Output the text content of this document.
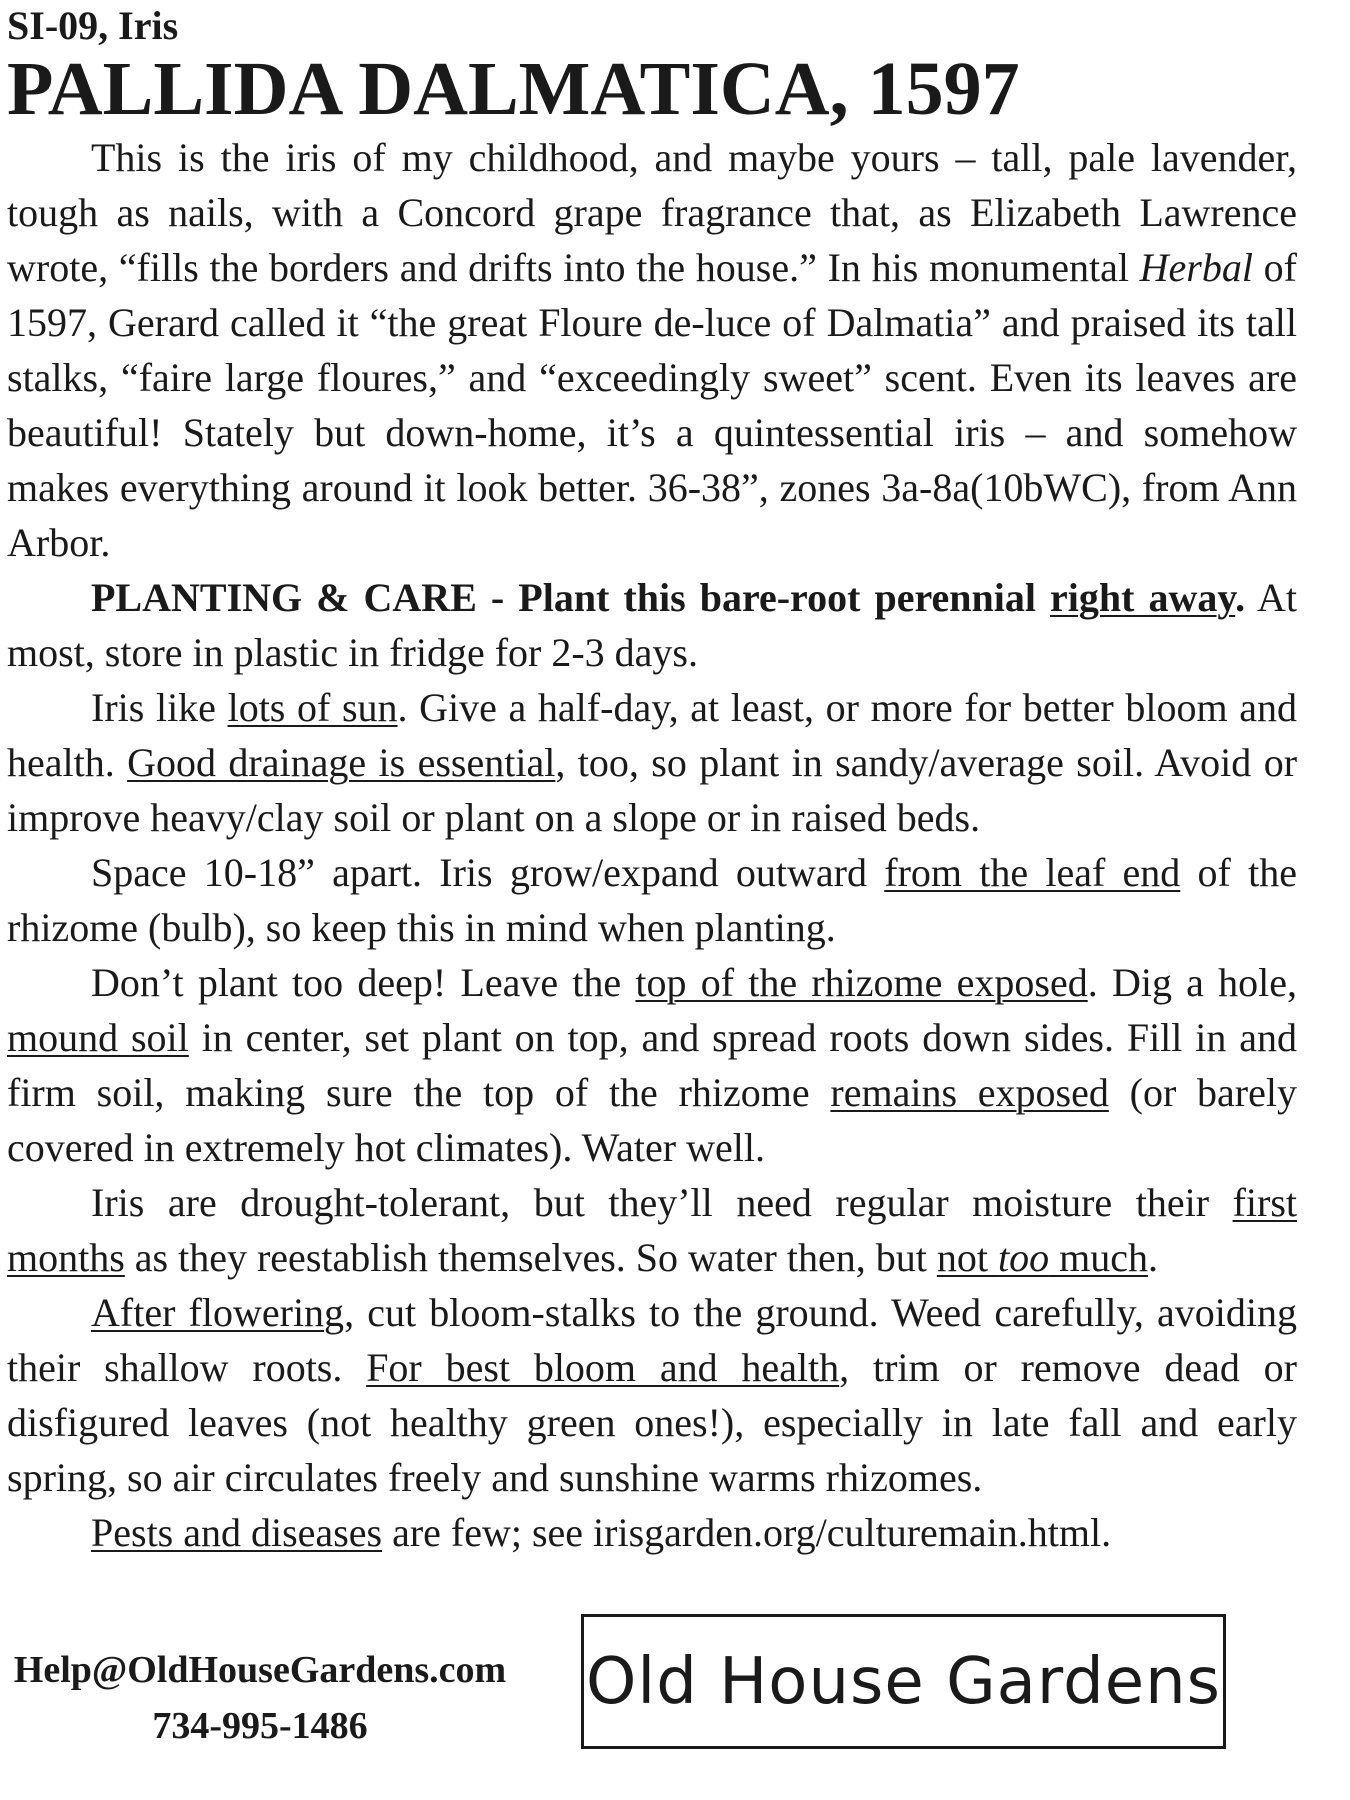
SI-09, Iris
PALLIDA DALMATICA, 1597

This is the iris of my childhood, and maybe yours – tall, pale lavender, tough as nails, with a Concord grape fragrance that, as Elizabeth Lawrence wrote, “fills the borders and drifts into the house.” In his monumental Herbal of 1597, Gerard called it “the great Floure de-luce of Dalmatia” and praised its tall stalks, “faire large floures,” and “exceedingly sweet” scent. Even its leaves are beautiful! Stately but down-home, it’s a quintessential iris – and somehow makes everything around it look better. 36-38”, zones 3a-8a(10bWC), from Ann Arbor.

PLANTING & CARE - Plant this bare-root perennial right away. At most, store in plastic in fridge for 2-3 days.

Iris like lots of sun. Give a half-day, at least, or more for better bloom and health. Good drainage is essential, too, so plant in sandy/average soil. Avoid or improve heavy/clay soil or plant on a slope or in raised beds.

Space 10-18” apart. Iris grow/expand outward from the leaf end of the rhizome (bulb), so keep this in mind when planting.

Don’t plant too deep! Leave the top of the rhizome exposed. Dig a hole, mound soil in center, set plant on top, and spread roots down sides. Fill in and firm soil, making sure the top of the rhizome remains exposed (or barely covered in extremely hot climates). Water well.

Iris are drought-tolerant, but they’ll need regular moisture their first months as they reestablish themselves. So water then, but not too much.

After flowering, cut bloom-stalks to the ground. Weed carefully, avoiding their shallow roots. For best bloom and health, trim or remove dead or disfigured leaves (not healthy green ones!), especially in late fall and early spring, so air circulates freely and sunshine warms rhizomes.

Pests and diseases are few; see irisgarden.org/culturemain.html.

Help@OldHouseGardens.com
734-995-1486
Old House Gardens
